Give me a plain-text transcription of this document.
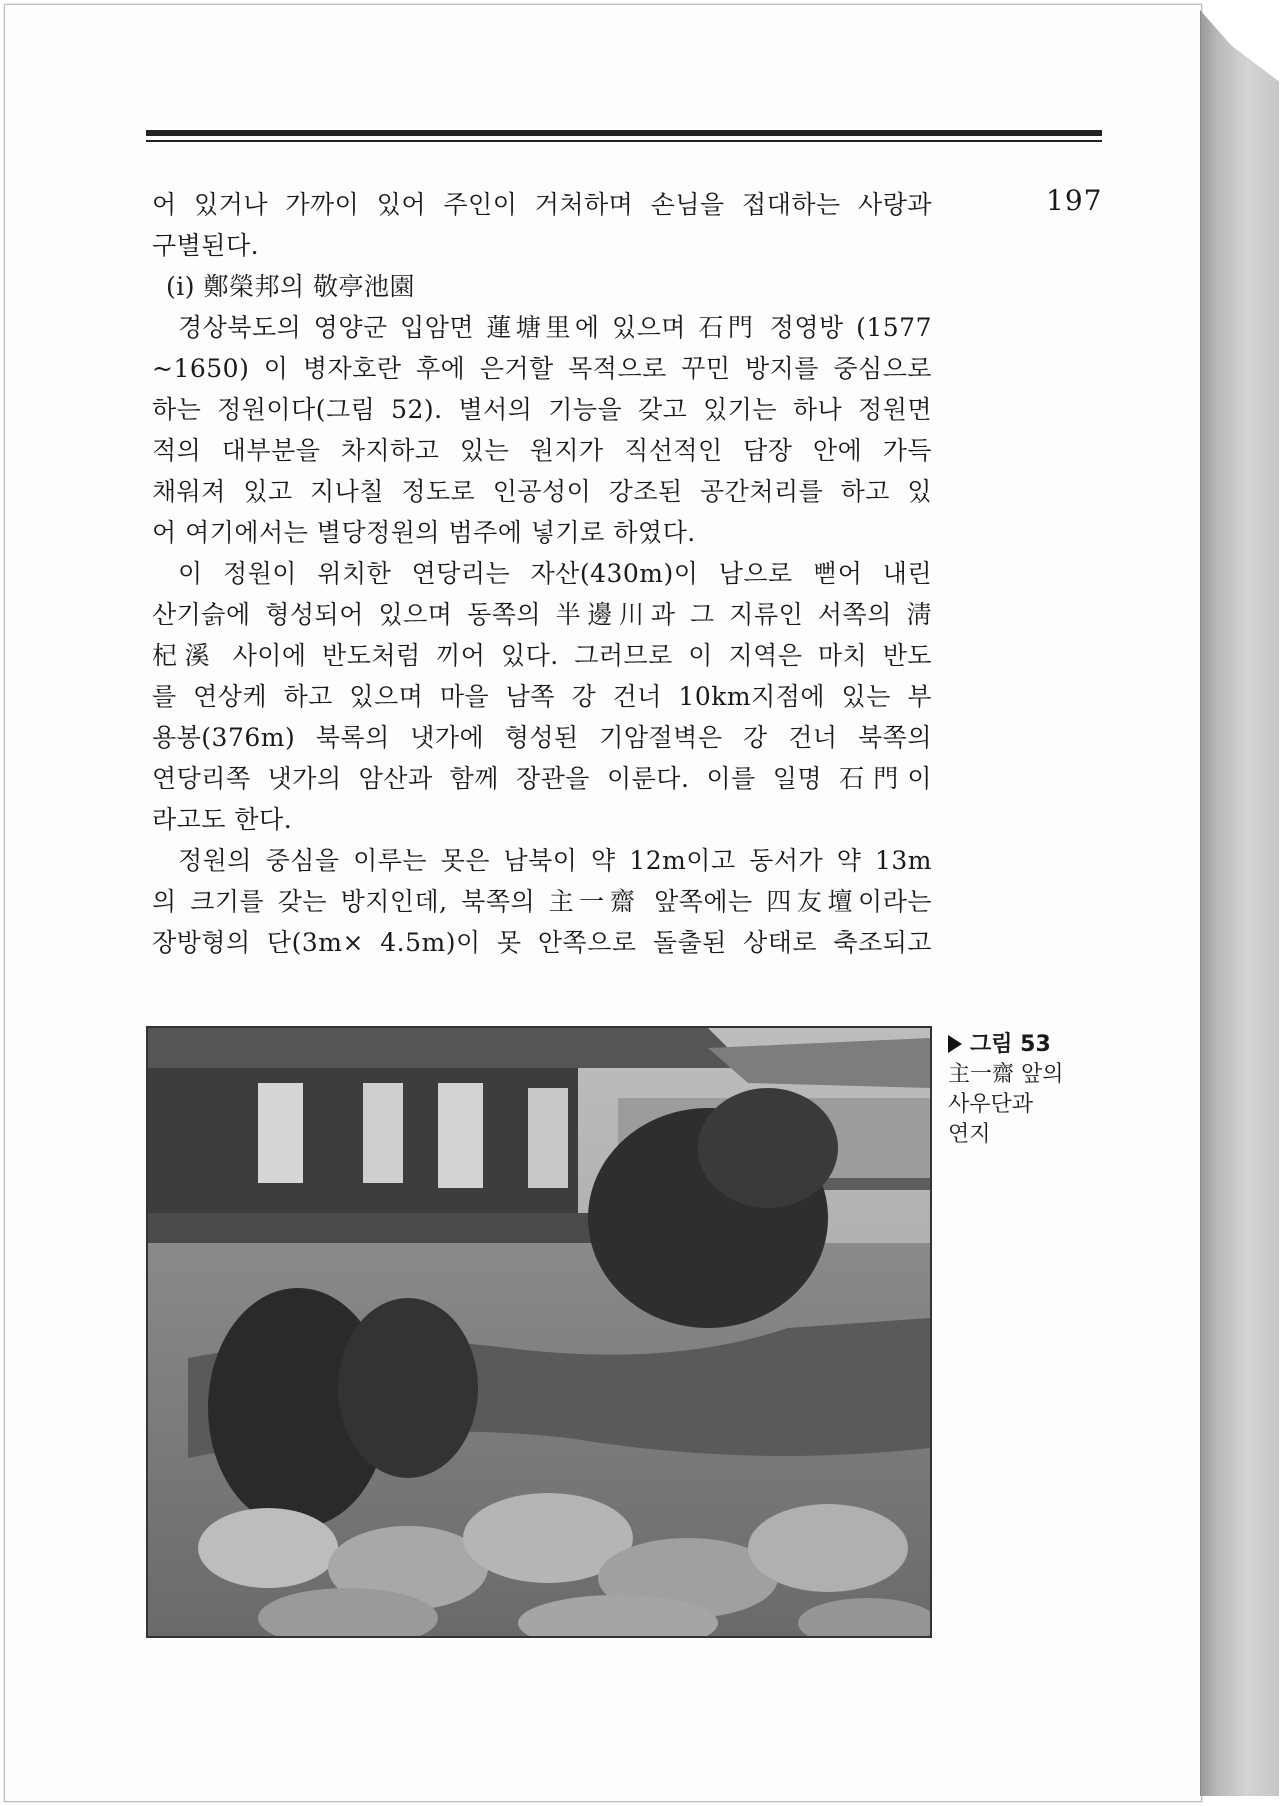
197
어 있거나 가까이 있어 주인이 거처하며 손님을 접대하는 사랑과
구별된다.
(i) 鄭榮邦의 敬亭池園
경상북도의 영양군 입암면 蓮塘里에 있으며 石門 정영방 (1577
~1650) 이 병자호란 후에 은거할 목적으로 꾸민 방지를 중심으로
하는 정원이다(그림 52). 별서의 기능을 갖고 있기는 하나 정원면
적의 대부분을 차지하고 있는 원지가 직선적인 담장 안에 가득
채워져 있고 지나칠 정도로 인공성이 강조된 공간처리를 하고 있
어 여기에서는 별당정원의 범주에 넣기로 하였다.
이 정원이 위치한 연당리는 자산(430m)이 남으로 뻗어 내린
산기슭에 형성되어 있으며 동쪽의 半邊川과 그 지류인 서쪽의 淸
杞溪 사이에 반도처럼 끼어 있다. 그러므로 이 지역은 마치 반도
를 연상케 하고 있으며 마을 남쪽 강 건너 10km지점에 있는 부
용봉(376m) 북록의 냇가에 형성된 기암절벽은 강 건너 북쪽의
연당리쪽 냇가의 암산과 함께 장관을 이룬다. 이를 일명 石門이
라고도 한다.
정원의 중심을 이루는 못은 남북이 약 12m이고 동서가 약 13m
의 크기를 갖는 방지인데, 북쪽의 主一齋 앞쪽에는 四友壇이라는
장방형의 단(3m× 4.5m)이 못 안쪽으로 돌출된 상태로 축조되고
그림 53
主一齋 앞의
사우단과
연지
